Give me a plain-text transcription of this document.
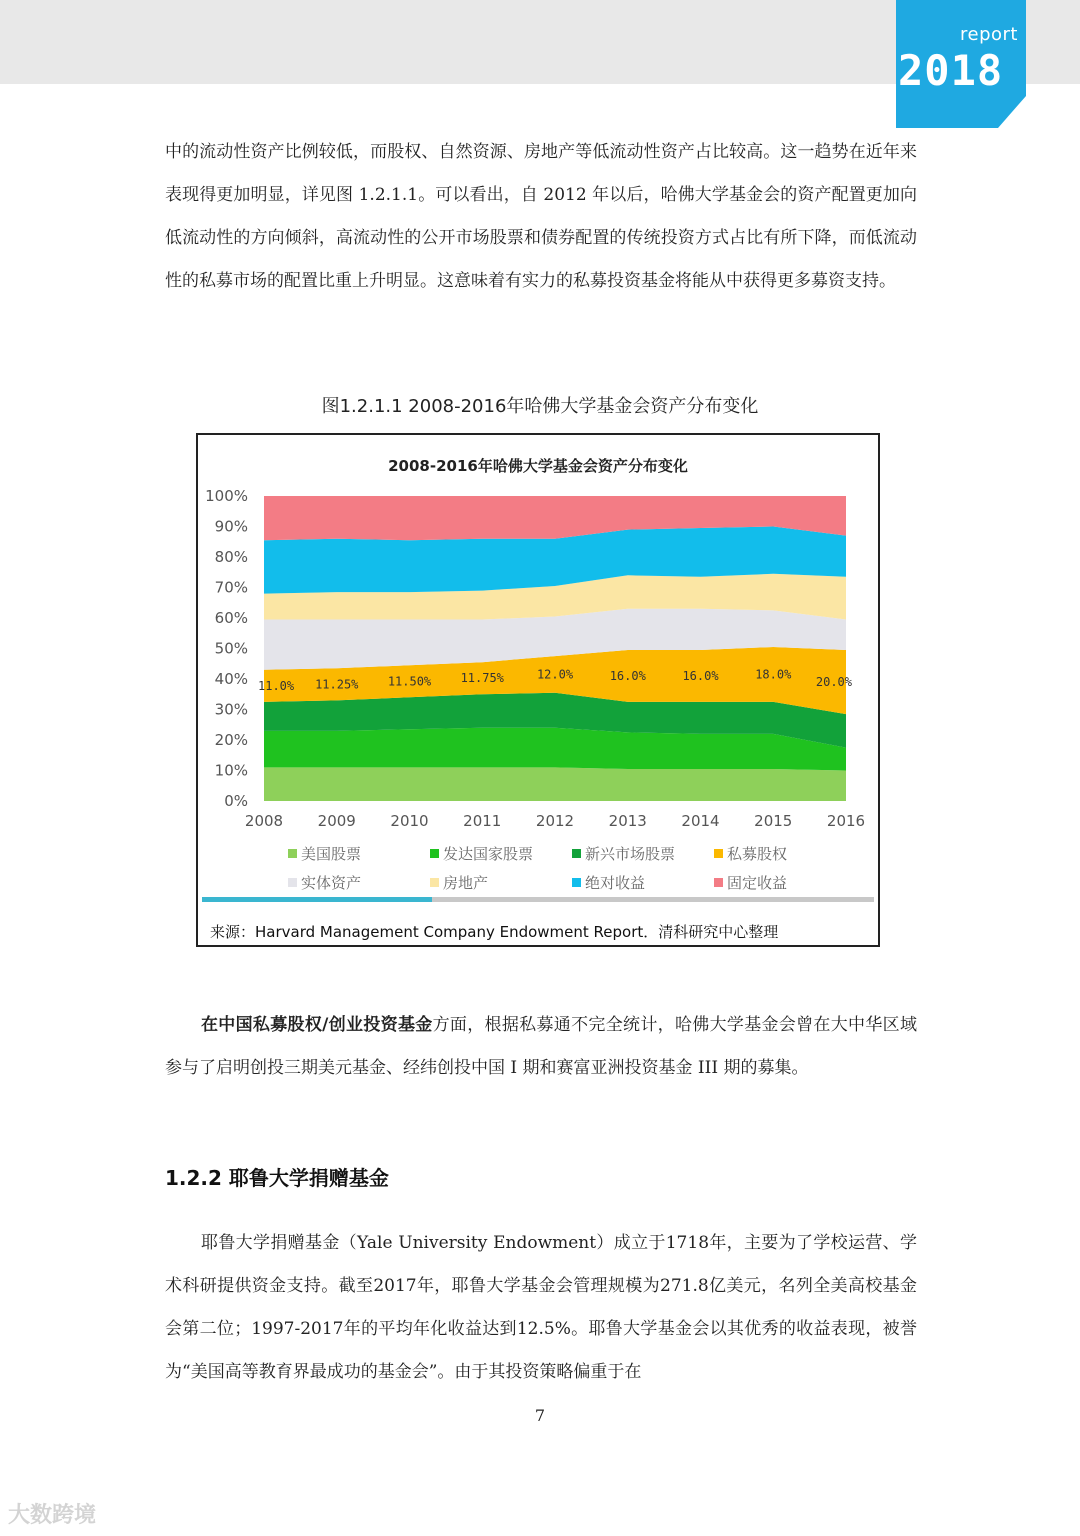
report
2018

中的流动性资产比例较低，而股权、自然资源、房地产等低流动性资产占比较高。这一趋势在近年来表现得更加明显，详见图 1.2.1.1。可以看出，自 2012 年以后，哈佛大学基金会的资产配置更加向低流动性的方向倾斜，高流动性的公开市场股票和债券配置的传统投资方式占比有所下降，而低流动性的私募市场的配置比重上升明显。这意味着有实力的私募投资基金将能从中获得更多募资支持。

图1.2.1.1 2008-2016年哈佛大学基金会资产分布变化
2008-2016年哈佛大学基金会资产分布变化
0%
10%
20%
30%
40%
50%
60%
70%
80%
90%
100%
2008 2009 2010 2011 2012 2013 2014 2015 2016
11.0% 11.25% 11.50% 11.75%	12.0%	16.0%	16.0%	18.0%
20.0%
美国股票	发达国家股票	新兴市场股票	私募股权
实体资产	房地产	绝对收益	固定收益
来源：Harvard Management Company Endowment Report．清科研究中心整理

在中国私募股权/创业投资基金方面，根据私募通不完全统计，哈佛大学基金会曾在大中华区域参与了启明创投三期美元基金、经纬创投中国 I 期和赛富亚洲投资基金 III 期的募集。

1.2.2 耶鲁大学捐赠基金

耶鲁大学捐赠基金（Yale University Endowment）成立于1718年，主要为了学校运营、学术科研提供资金支持。截至2017年，耶鲁大学基金会管理规模为271.8亿美元，名列全美高校基金会第二位；1997-2017年的平均年化收益达到12.5%。耶鲁大学基金会以其优秀的收益表现，被誉为“美国高等教育界最成功的基金会”。由于其投资策略偏重于在

7
大数跨境
